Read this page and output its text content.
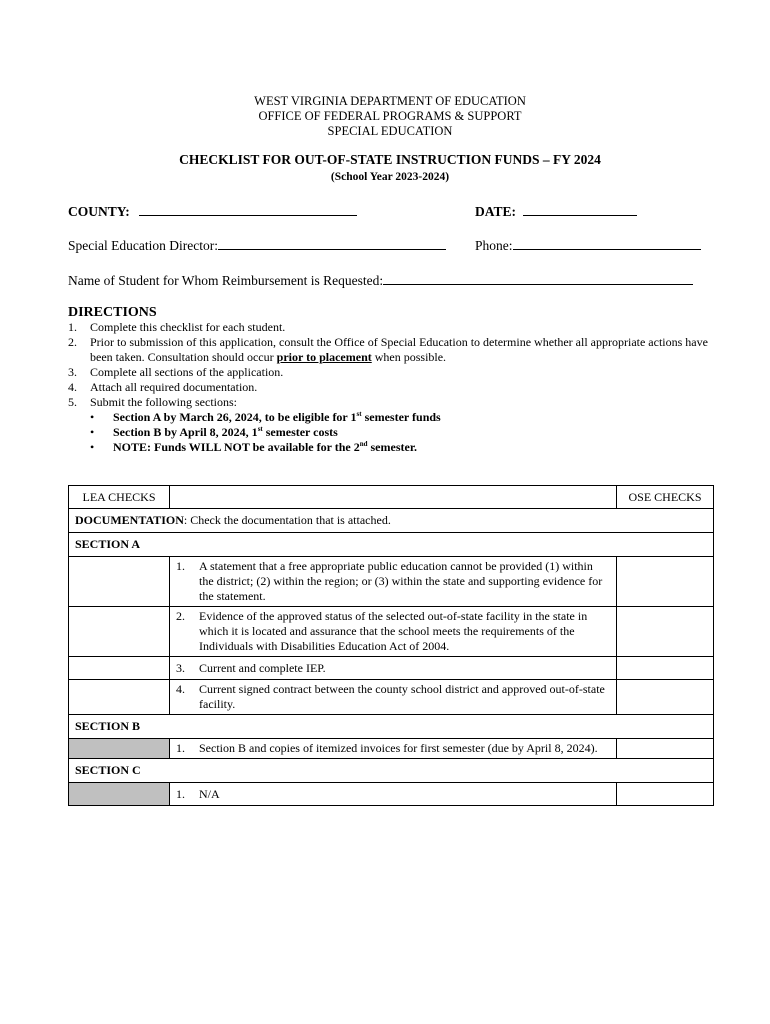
WEST VIRGINIA DEPARTMENT OF EDUCATION
OFFICE OF FEDERAL PROGRAMS & SUPPORT
SPECIAL EDUCATION
CHECKLIST FOR OUT-OF-STATE INSTRUCTION FUNDS – FY 2024
(School Year 2023-2024)
COUNTY:	DATE:
Special Education Director:	Phone:
Name of Student for Whom Reimbursement is Requested:
DIRECTIONS
1. Complete this checklist for each student.
2. Prior to submission of this application, consult the Office of Special Education to determine whether all appropriate actions have been taken. Consultation should occur prior to placement when possible.
3. Complete all sections of the application.
4. Attach all required documentation.
5. Submit the following sections:
• Section A by March 26, 2024, to be eligible for 1st semester funds
• Section B by April 8, 2024, 1st semester costs
• NOTE: Funds WILL NOT be available for the 2nd semester.
LEA CHECKS		OSE CHECKS
DOCUMENTATION: Check the documentation that is attached.		
SECTION A		

	1. A statement that a free appropriate public education cannot be provided (1) within the district; (2) within the region; or (3) within the state and supporting evidence for the statement.	

	2. Evidence of the approved status of the selected out-of-state facility in the state in which it is located and assurance that the school meets the requirements of the Individuals with Disabilities Education Act of 2004.	

	3. Current and complete IEP.	

	4. Current signed contract between the county school district and approved out-of-state facility.	

SECTION B		

	1. Section B and copies of itemized invoices for first semester (due by April 8, 2024).	

SECTION C		

	1. N/A	
